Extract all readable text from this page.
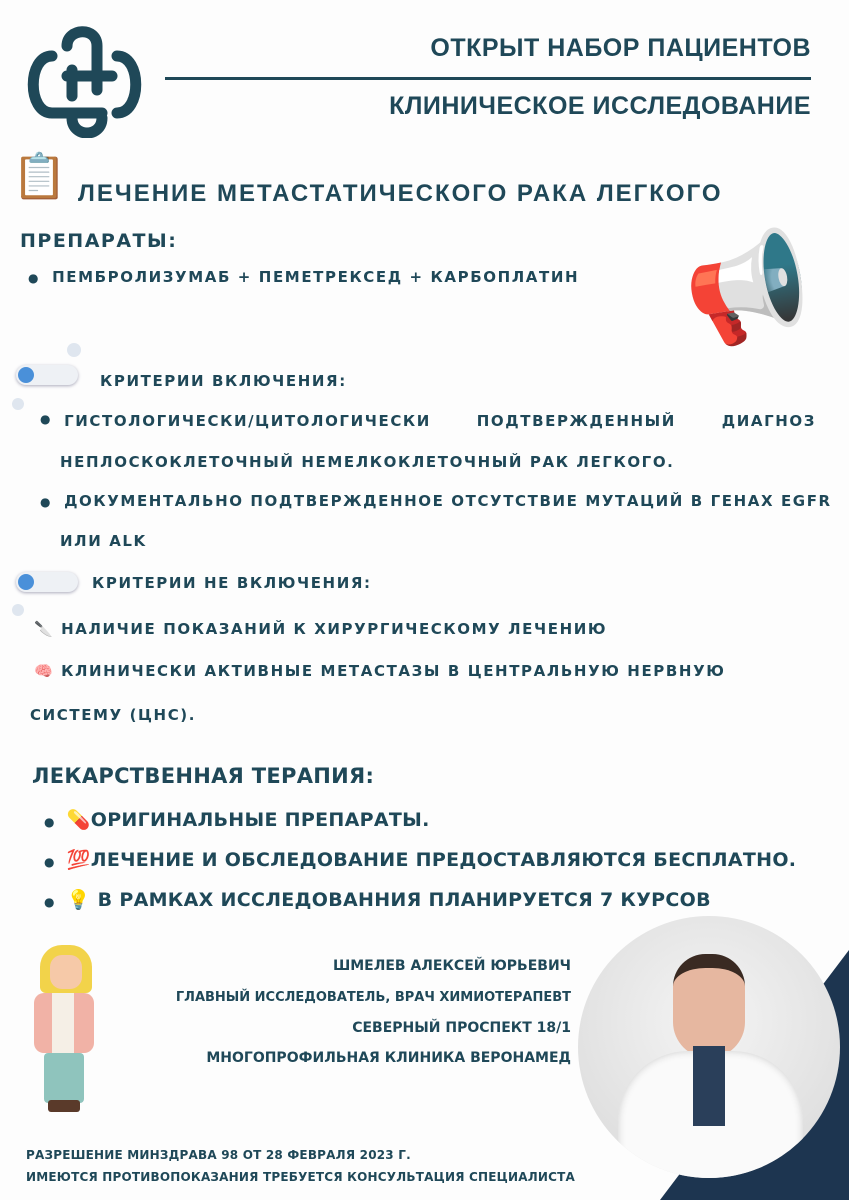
ОТКРЫТ НАБОР ПАЦИЕНТОВ
КЛИНИЧЕСКОЕ ИССЛЕДОВАНИЕ
📋 ЛЕЧЕНИЕ МЕТАСТАТИЧЕСКОГО РАКА ЛЕГКОГО
ПРЕПАРАТЫ:
● ПЕМБРОЛИЗУМАБ + ПЕМЕТРЕКСЕД + КАРБОПЛАТИН 📢
КРИТЕРИИ ВКЛЮЧЕНИЯ:
● ГИСТОЛОГИЧЕСКИ/ЦИТОЛОГИЧЕСКИ ПОДТВЕРЖДЕННЫЙ ДИАГНОЗ
НЕПЛОСКОКЛЕТОЧНЫЙ НЕМЕЛКОКЛЕТОЧНЫЙ РАК ЛЕГКОГО.
● ДОКУМЕНТАЛЬНО ПОДТВЕРЖДЕННОЕ ОТСУТСТВИЕ МУТАЦИЙ В ГЕНАХ EGFR
ИЛИ ALK
КРИТЕРИИ НЕ ВКЛЮЧЕНИЯ:
🔪 НАЛИЧИЕ ПОКАЗАНИЙ К ХИРУРГИЧЕСКОМУ ЛЕЧЕНИЮ
🧠 КЛИНИЧЕСКИ АКТИВНЫЕ МЕТАСТАЗЫ В ЦЕНТРАЛЬНУЮ НЕРВНУЮ
СИСТЕМУ (ЦНС).
ЛЕКАРСТВЕННАЯ ТЕРАПИЯ:
● 💊ОРИГИНАЛЬНЫЕ ПРЕПАРАТЫ.
● 💯ЛЕЧЕНИЕ И ОБСЛЕДОВАНИЕ ПРЕДОСТАВЛЯЮТСЯ БЕСПЛАТНО.
● 💡 В РАМКАХ ИССЛЕДОВАННИЯ ПЛАНИРУЕТСЯ 7 КУРСОВ
ШМЕЛЕВ АЛЕКСЕЙ ЮРЬЕВИЧ
ГЛАВНЫЙ ИССЛЕДОВАТЕЛЬ, ВРАЧ ХИМИОТЕРАПЕВТ
СЕВЕРНЫЙ ПРОСПЕКТ 18/1
МНОГОПРОФИЛЬНАЯ КЛИНИКА ВЕРОНАМЕД
РАЗРЕШЕНИЕ МИНЗДРАВА 98 ОТ 28 ФЕВРАЛЯ 2023 Г.
ИМЕЮТСЯ ПРОТИВОПОКАЗАНИЯ ТРЕБУЕТСЯ КОНСУЛЬТАЦИЯ СПЕЦИАЛИСТА
